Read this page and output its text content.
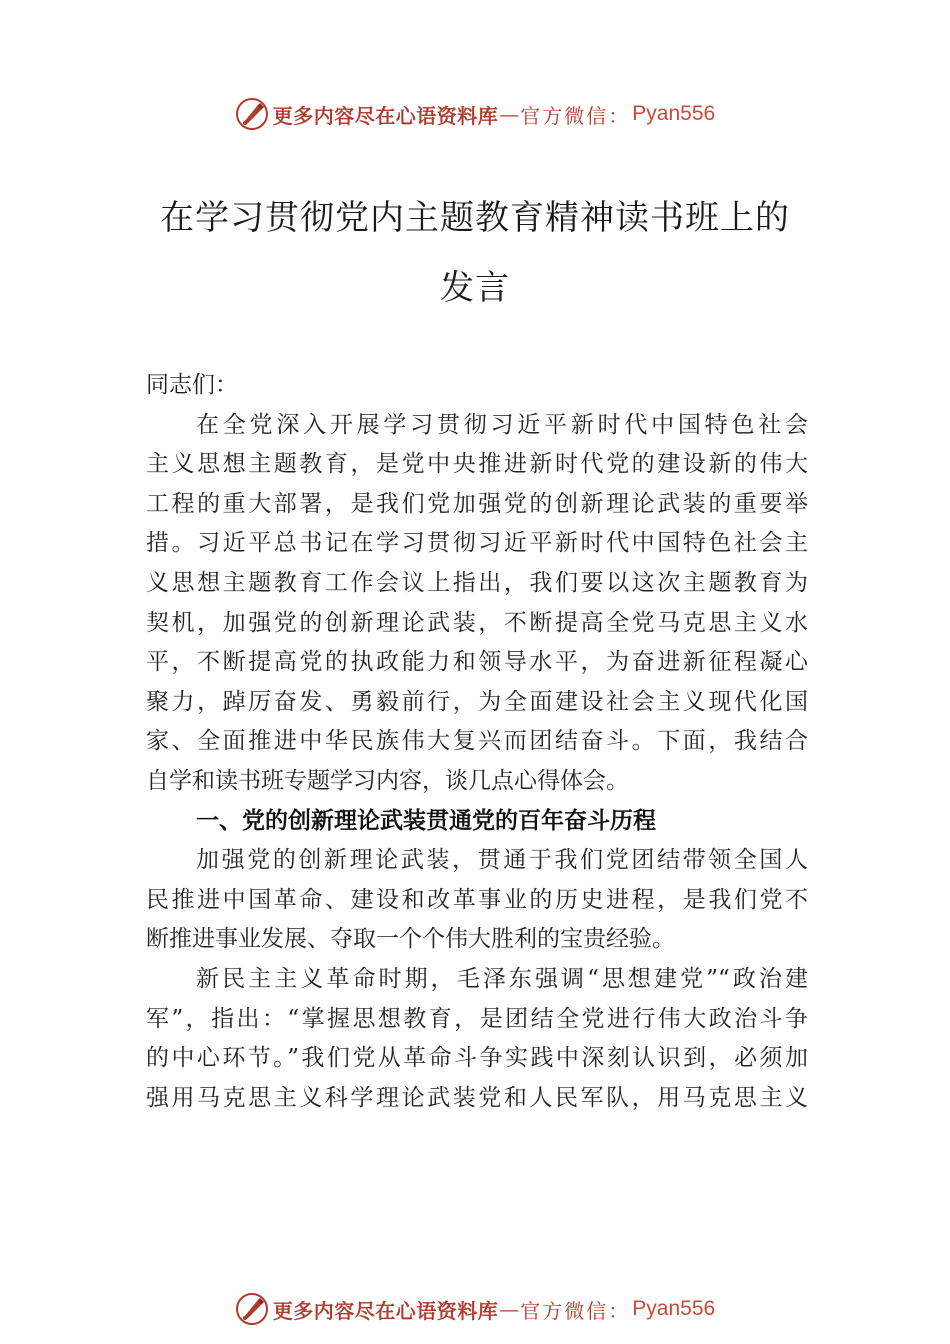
更多内容尽在心语资料库 — 官方微信： Pyan556
在学习贯彻党内主题教育精神读书班上的
发言
同志们：
在全党深入开展学习贯彻习近平新时代中国特色社会
主义思想主题教育，是党中央推进新时代党的建设新的伟大
工程的重大部署，是我们党加强党的创新理论武装的重要举
措。习近平总书记在学习贯彻习近平新时代中国特色社会主
义思想主题教育工作会议上指出，我们要以这次主题教育为
契机，加强党的创新理论武装，不断提高全党马克思主义水
平，不断提高党的执政能力和领导水平，为奋进新征程凝心
聚力，踔厉奋发、勇毅前行，为全面建设社会主义现代化国
家、全面推进中华民族伟大复兴而团结奋斗。下面，我结合
自学和读书班专题学习内容，谈几点心得体会。
一、党的创新理论武装贯通党的百年奋斗历程
加强党的创新理论武装，贯通于我们党团结带领全国人
民推进中国革命、建设和改革事业的历史进程，是我们党不
断推进事业发展、夺取一个个伟大胜利的宝贵经验。
新民主主义革命时期，毛泽东强调“思想建党”“政治建
军”，指出：“掌握思想教育，是团结全党进行伟大政治斗争
的中心环节。”我们党从革命斗争实践中深刻认识到，必须加
强用马克思主义科学理论武装党和人民军队，用马克思主义
更多内容尽在心语资料库 — 官方微信： Pyan556
